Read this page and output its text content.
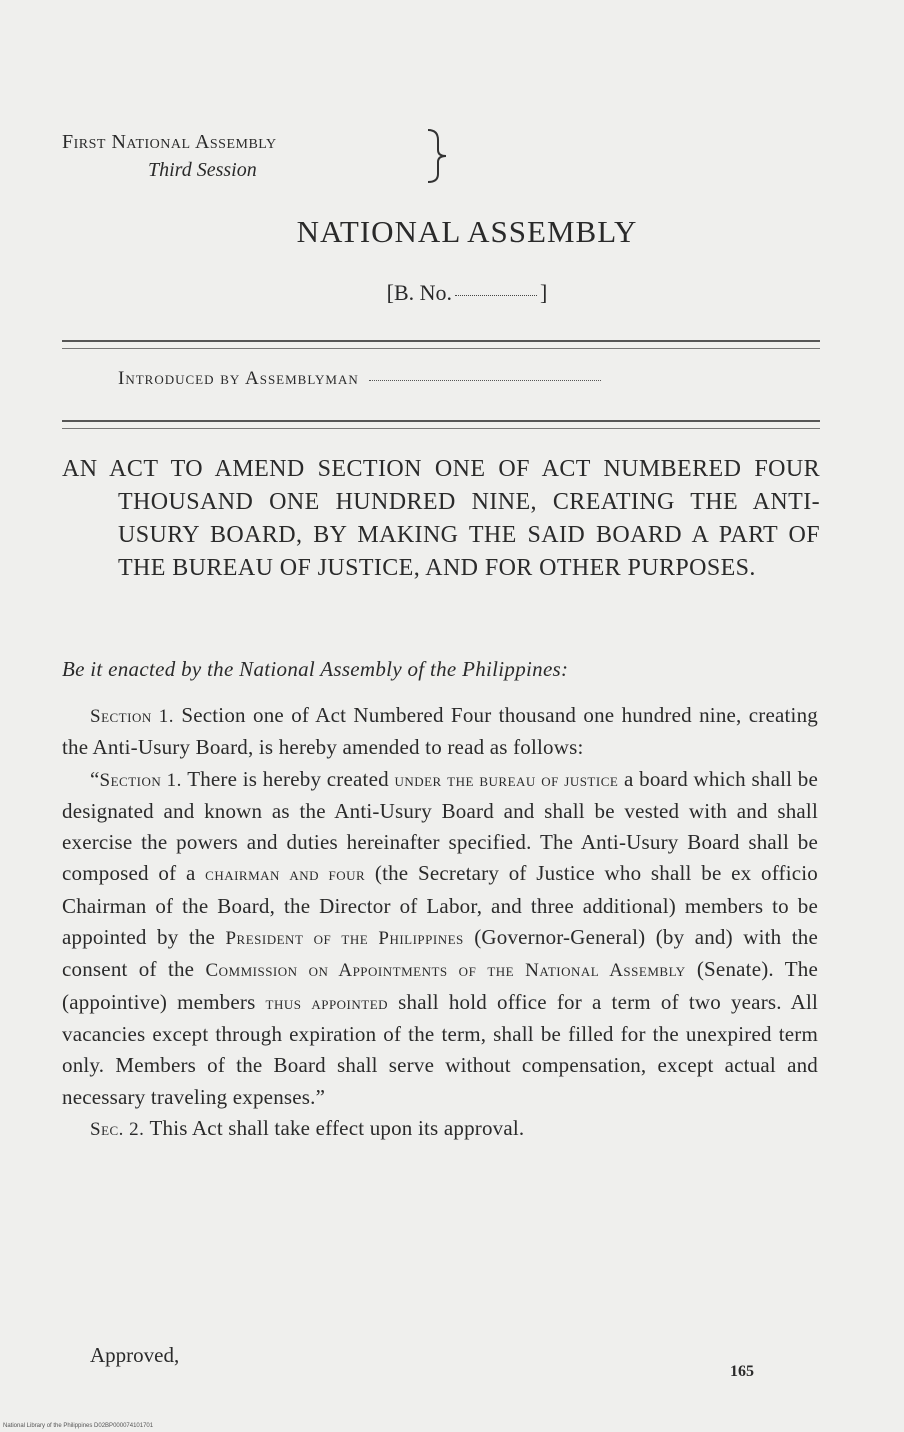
First National Assembly
Third Session
NATIONAL ASSEMBLY
[B. No.	]
Introduced by Assemblyman
AN ACT TO AMEND SECTION ONE OF ACT NUMBERED FOUR THOUSAND ONE HUNDRED NINE, CREATING THE ANTI-USURY BOARD, BY MAKING THE SAID BOARD A PART OF THE BUREAU OF JUSTICE, AND FOR OTHER PURPOSES.
Be it enacted by the National Assembly of the Philippines:

Section 1. Section one of Act Numbered Four thousand one hundred nine, creating the Anti-Usury Board, is hereby amended to read as follows:

“Section 1. There is hereby created under the bureau of justice a board which shall be designated and known as the Anti-Usury Board and shall be vested with and shall exercise the powers and duties hereinafter specified. The Anti-Usury Board shall be composed of a chairman and four (the Secretary of Justice who shall be ex officio Chairman of the Board, the Director of Labor, and three additional) members to be appointed by the President of the Philippines (Governor-General) (by and) with the consent of the Commission on Appointments of the National Assembly (Senate). The (appointive) members thus appointed shall hold office for a term of two years. All vacancies except through expiration of the term, shall be filled for the unexpired term only. Members of the Board shall serve without compensation, except actual and necessary traveling expenses.”

Sec. 2. This Act shall take effect upon its approval.

Approved,
165
National Library of the Philippines D02BP000074101701
